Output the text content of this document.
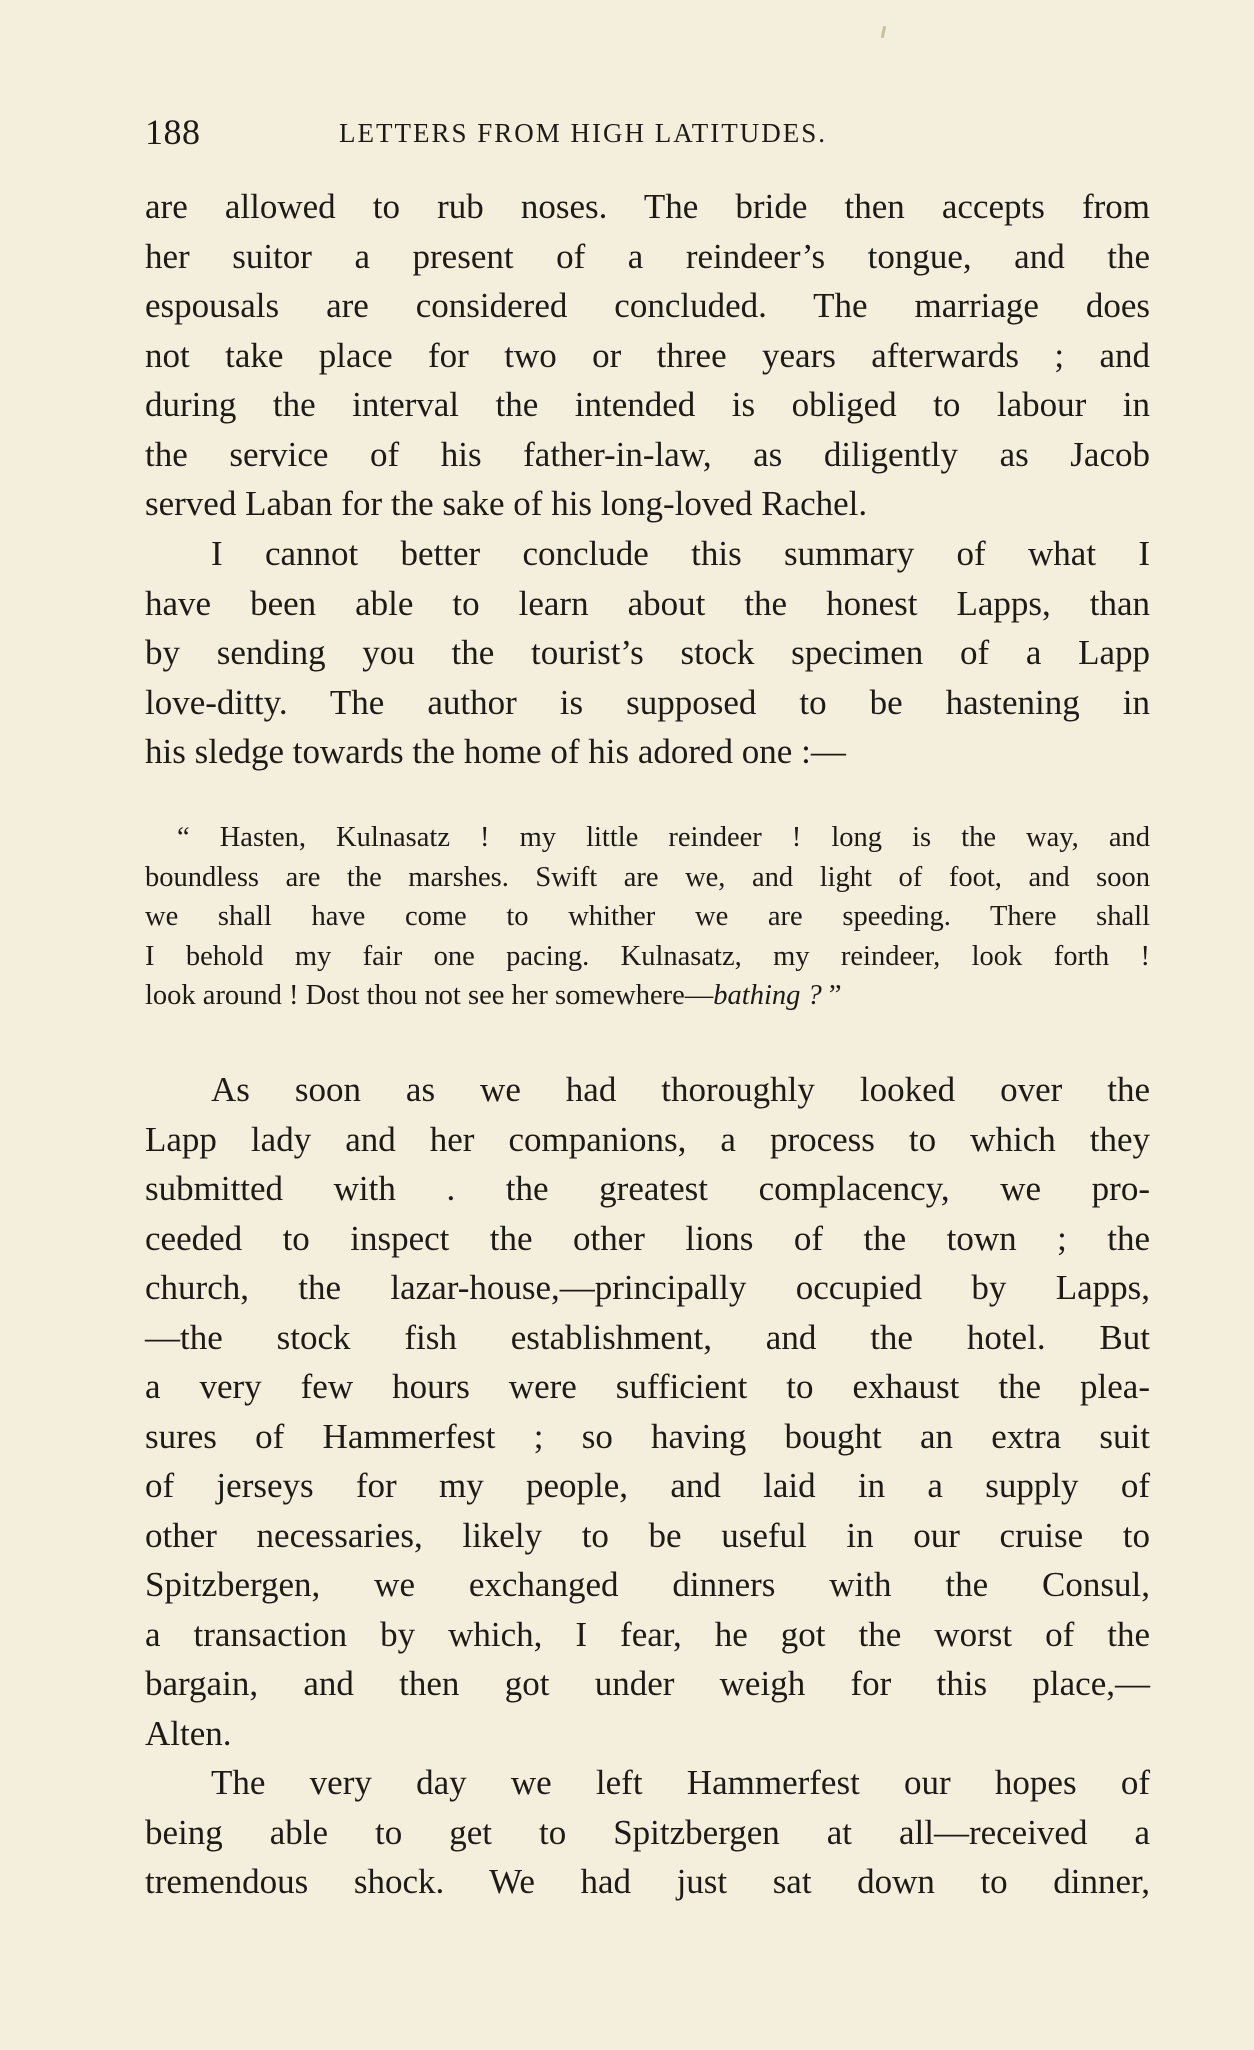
188	LETTERS FROM HIGH LATITUDES.
are allowed to rub noses. The bride then accepts from
her suitor a present of a reindeer’s tongue, and the
espousals are considered concluded. The marriage does
not take place for two or three years afterwards ; and
during the interval the intended is obliged to labour in
the service of his father-in-law, as diligently as Jacob
served Laban for the sake of his long-loved Rachel.
I cannot better conclude this summary of what I
have been able to learn about the honest Lapps, than
by sending you the tourist’s stock specimen of a Lapp
love-ditty. The author is supposed to be hastening in
his sledge towards the home of his adored one :—
“ Hasten, Kulnasatz ! my little reindeer ! long is the way, and
boundless are the marshes. Swift are we, and light of foot, and soon
we shall have come to whither we are speeding. There shall
I behold my fair one pacing. Kulnasatz, my reindeer, look forth !
look around ! Dost thou not see her somewhere—bathing ? ”
As soon as we had thoroughly looked over the
Lapp lady and her companions, a process to which they
submitted with . the greatest complacency, we pro-
ceeded to inspect the other lions of the town ; the
church, the lazar-house,—principally occupied by Lapps,
—the stock fish establishment, and the hotel. But
a very few hours were sufficient to exhaust the plea-
sures of Hammerfest ; so having bought an extra suit
of jerseys for my people, and laid in a supply of
other necessaries, likely to be useful in our cruise to
Spitzbergen, we exchanged dinners with the Consul,
a transaction by which, I fear, he got the worst of the
bargain, and then got under weigh for this place,—
Alten.
The very day we left Hammerfest our hopes of
being able to get to Spitzbergen at all—received a
tremendous shock. We had just sat down to dinner,
